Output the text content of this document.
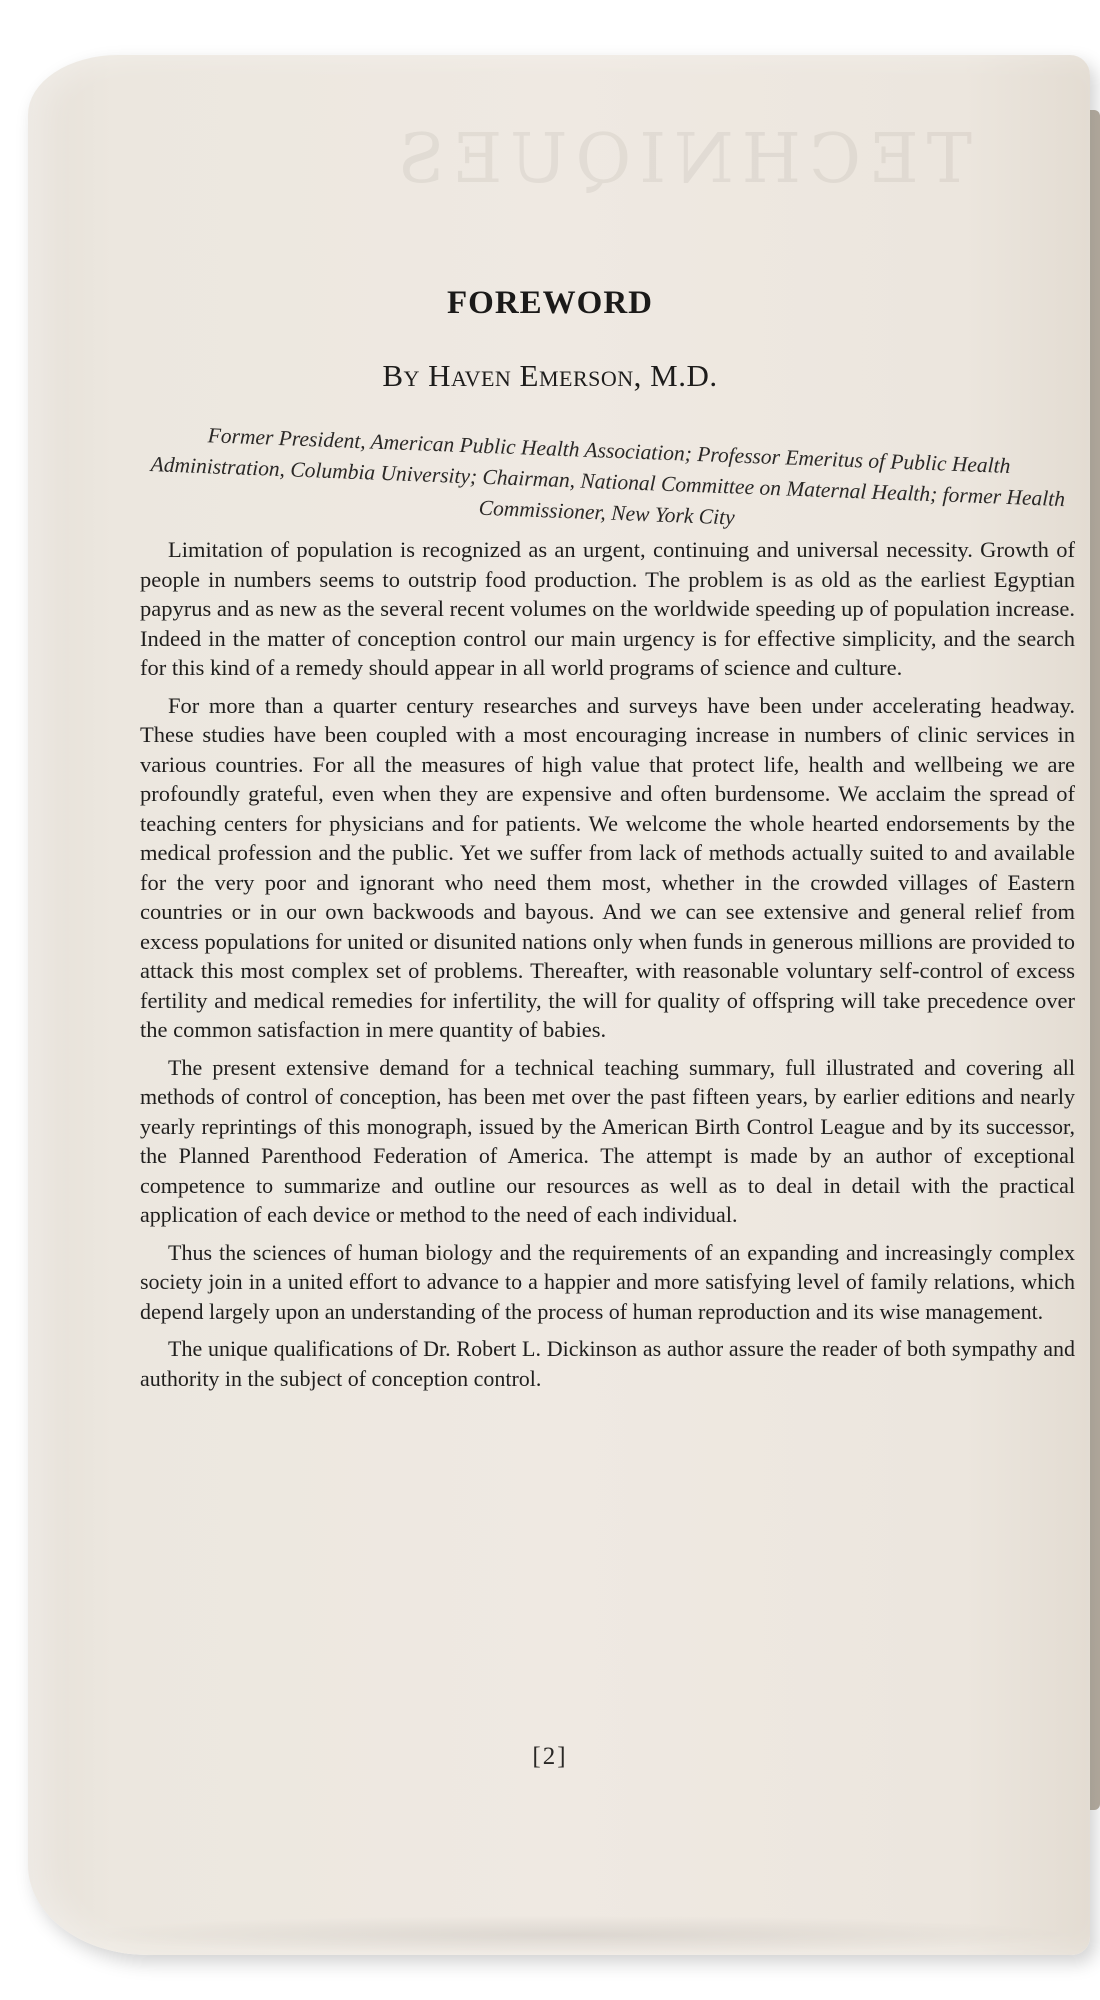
TECHNIQUES
FOREWORD
By Haven Emerson, M.D.
Former President, American Public Health Association; Professor Emeritus of Public Health Administration, Columbia University; Chairman, National Committee on Maternal Health; former Health Commissioner, New York City

Limitation of population is recognized as an urgent, continuing and universal necessity. Growth of people in numbers seems to outstrip food production. The problem is as old as the earliest Egyptian papyrus and as new as the several recent volumes on the worldwide speeding up of population increase. Indeed in the matter of conception control our main urgency is for effective simplicity, and the search for this kind of a remedy should appear in all world programs of science and culture.

For more than a quarter century researches and surveys have been under accelerating headway. These studies have been coupled with a most encouraging increase in numbers of clinic services in various countries. For all the measures of high value that protect life, health and wellbeing we are profoundly grateful, even when they are expensive and often burdensome. We acclaim the spread of teaching centers for physicians and for patients. We welcome the whole hearted endorsements by the medical profession and the public. Yet we suffer from lack of methods actually suited to and available for the very poor and ignorant who need them most, whether in the crowded villages of Eastern countries or in our own backwoods and bayous. And we can see extensive and general relief from excess populations for united or disunited nations only when funds in generous millions are provided to attack this most complex set of problems. Thereafter, with reasonable voluntary self-control of excess fertility and medical remedies for infertility, the will for quality of offspring will take precedence over the common satisfaction in mere quantity of babies.

The present extensive demand for a technical teaching summary, full illustrated and covering all methods of control of conception, has been met over the past fifteen years, by earlier editions and nearly yearly reprintings of this monograph, issued by the American Birth Control League and by its successor, the Planned Parenthood Federation of America. The attempt is made by an author of exceptional competence to summarize and outline our resources as well as to deal in detail with the practical application of each device or method to the need of each individual.

Thus the sciences of human biology and the requirements of an expanding and increasingly complex society join in a united effort to advance to a happier and more satisfying level of family relations, which depend largely upon an understanding of the process of human reproduction and its wise management.

The unique qualifications of Dr. Robert L. Dickinson as author assure the reader of both sympathy and authority in the subject of conception control.

[2]
